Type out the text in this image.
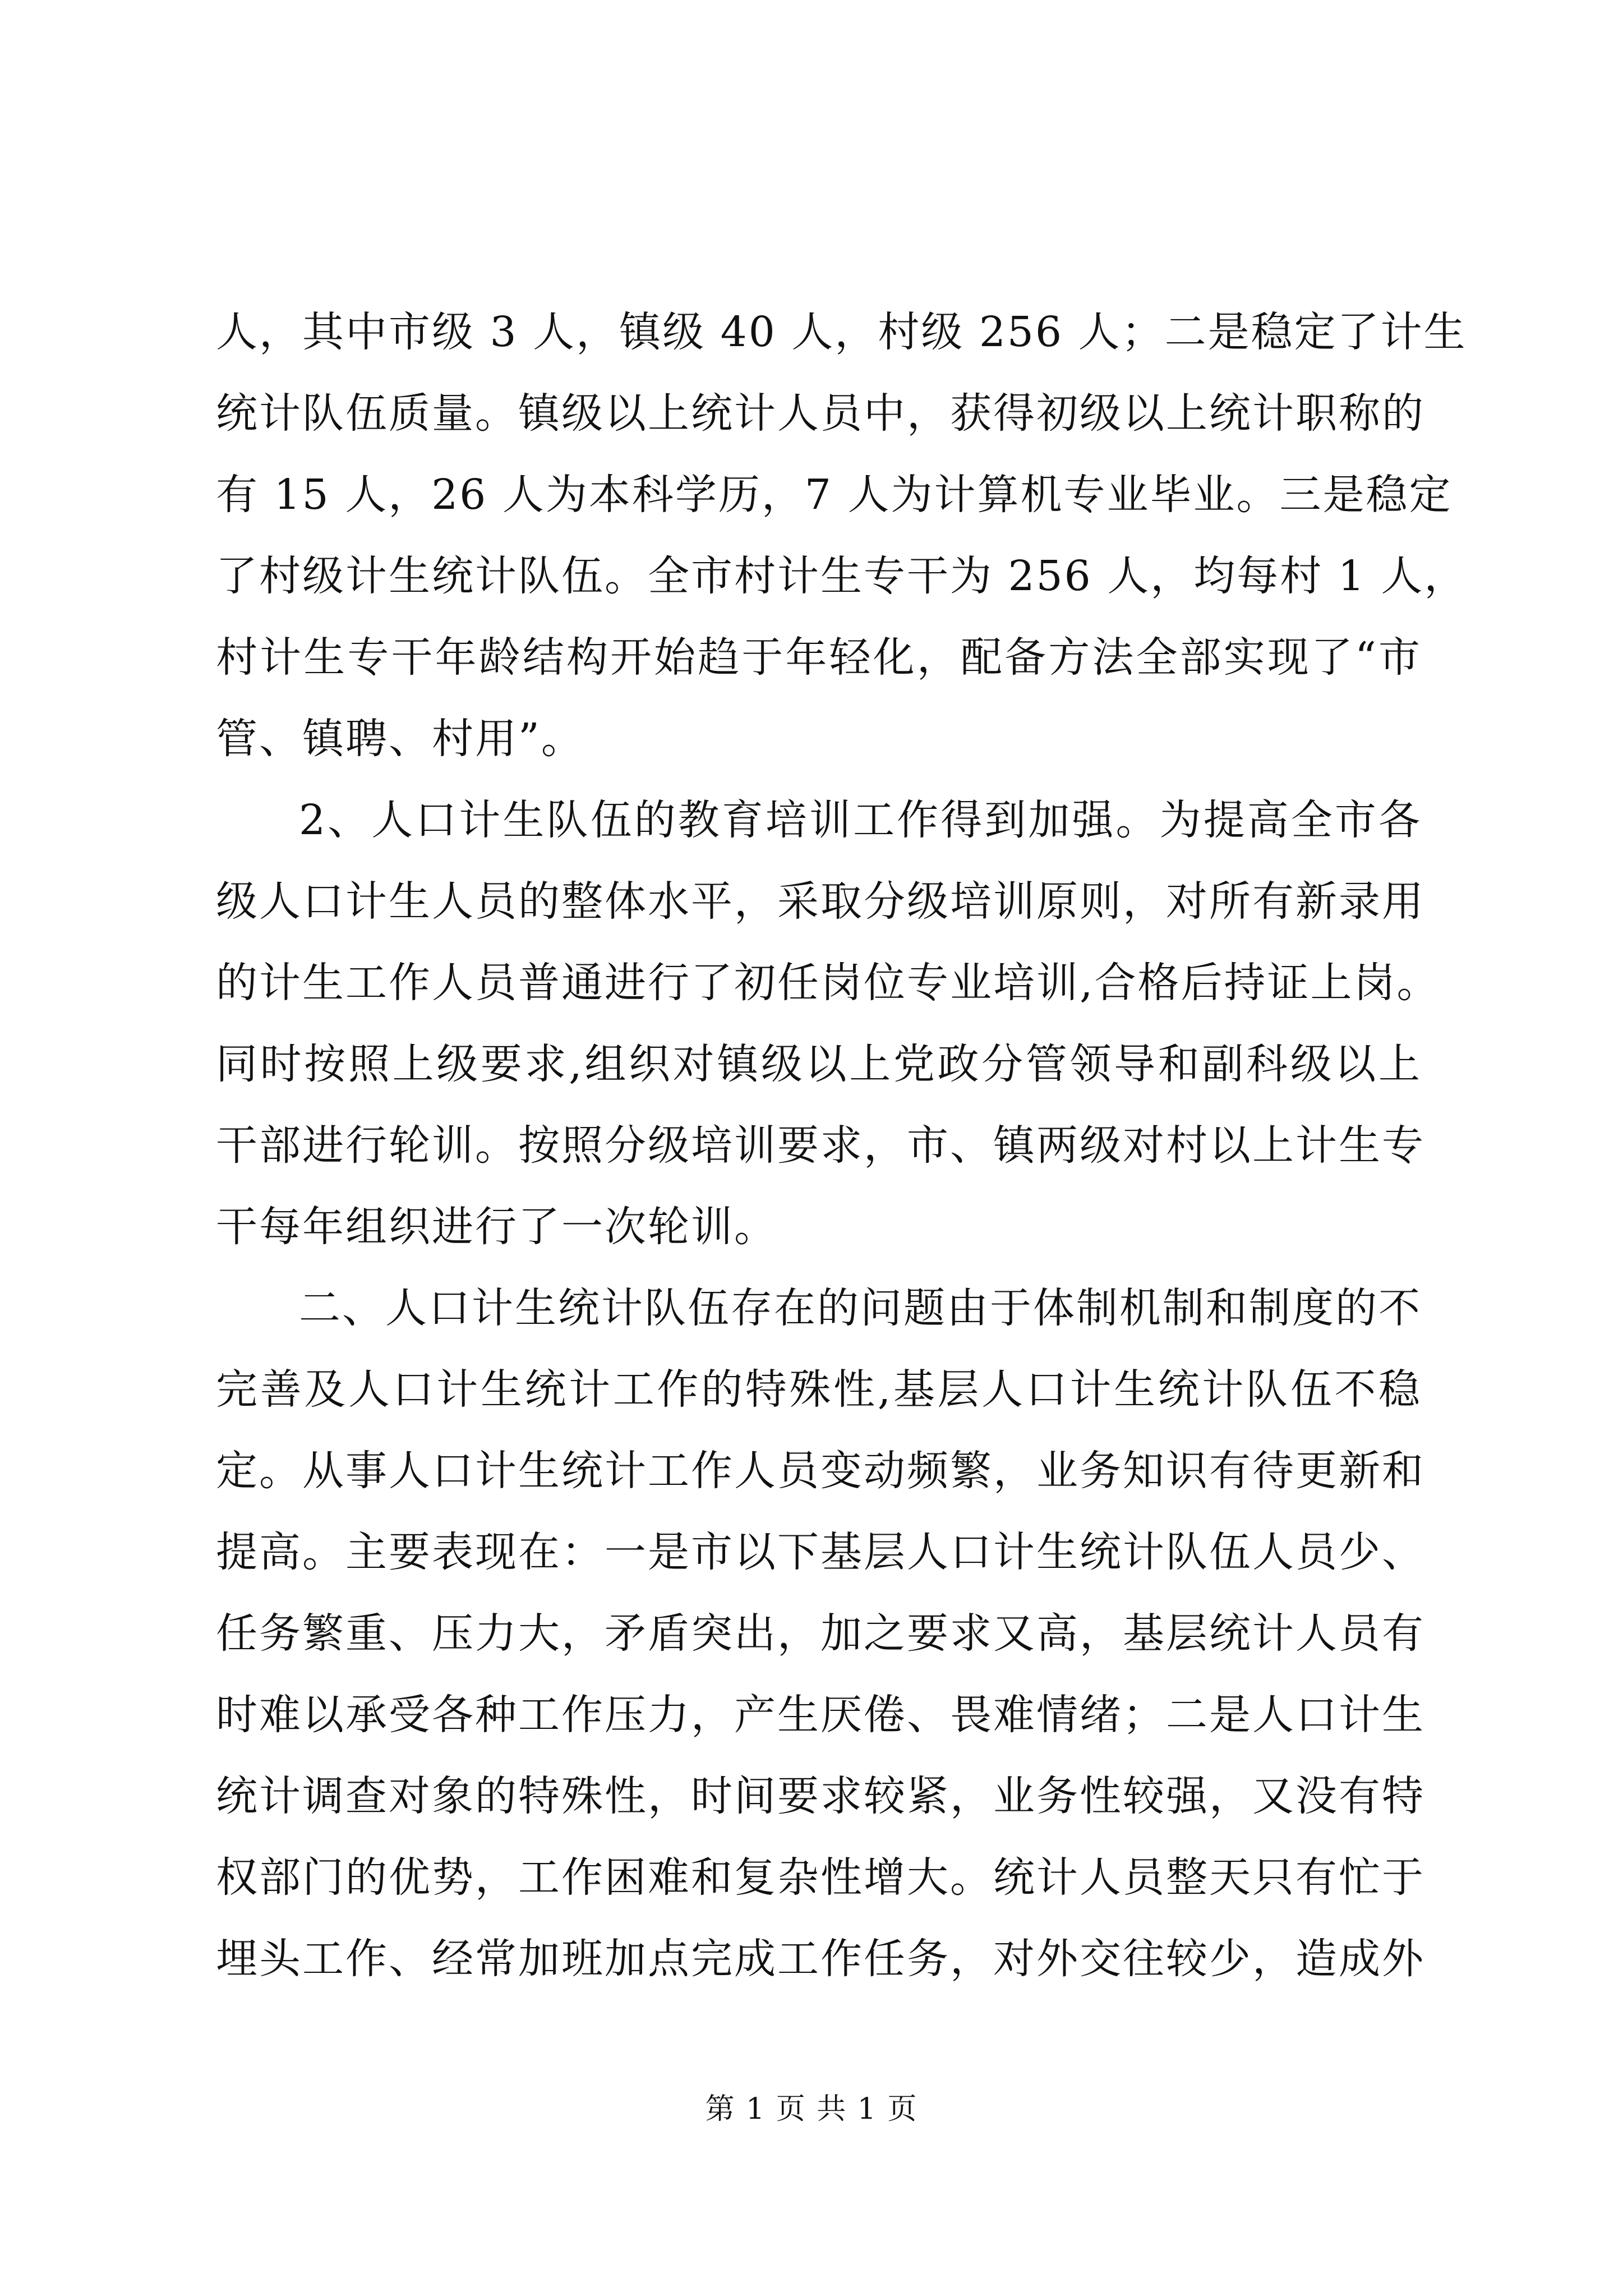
人，其中市级 3 人，镇级 40 人，村级 256 人；二是稳定了计生
统计队伍质量。镇级以上统计人员中，获得初级以上统计职称的
有 15 人，26 人为本科学历，7 人为计算机专业毕业。三是稳定
了村级计生统计队伍。全市村计生专干为 256 人，均每村 1 人，
村计生专干年龄结构开始趋于年轻化，配备方法全部实现了“市
管、镇聘、村用”。
2、人口计生队伍的教育培训工作得到加强。为提高全市各
级人口计生人员的整体水平，采取分级培训原则，对所有新录用
的计生工作人员普通进行了初任岗位专业培训,合格后持证上岗。
同时按照上级要求,组织对镇级以上党政分管领导和副科级以上
干部进行轮训。按照分级培训要求，市、镇两级对村以上计生专
干每年组织进行了一次轮训。
二、人口计生统计队伍存在的问题由于体制机制和制度的不
完善及人口计生统计工作的特殊性,基层人口计生统计队伍不稳
定。从事人口计生统计工作人员变动频繁，业务知识有待更新和
提高。主要表现在：一是市以下基层人口计生统计队伍人员少、
任务繁重、压力大，矛盾突出，加之要求又高，基层统计人员有
时难以承受各种工作压力，产生厌倦、畏难情绪；二是人口计生
统计调查对象的特殊性，时间要求较紧，业务性较强，又没有特
权部门的优势，工作困难和复杂性增大。统计人员整天只有忙于
埋头工作、经常加班加点完成工作任务，对外交往较少，造成外
第 1 页 共 1 页
